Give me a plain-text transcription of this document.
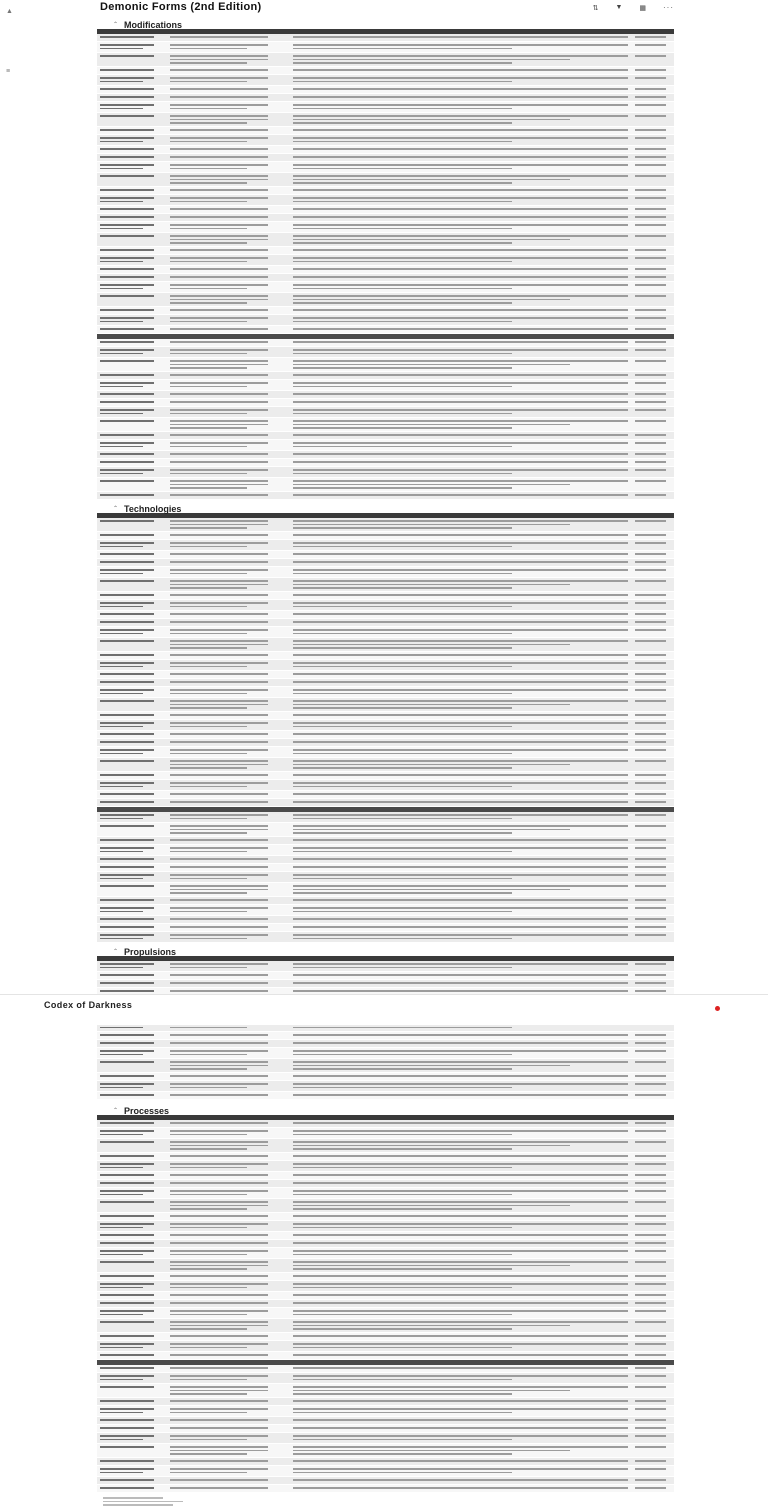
▲
≡
Demonic Forms (2nd Edition)	⇅ ▼ ▦ ···
⌃ Modifications
⌃ Technologies
⌃ Propulsions
⌃ Processes
Codex of Darkness
